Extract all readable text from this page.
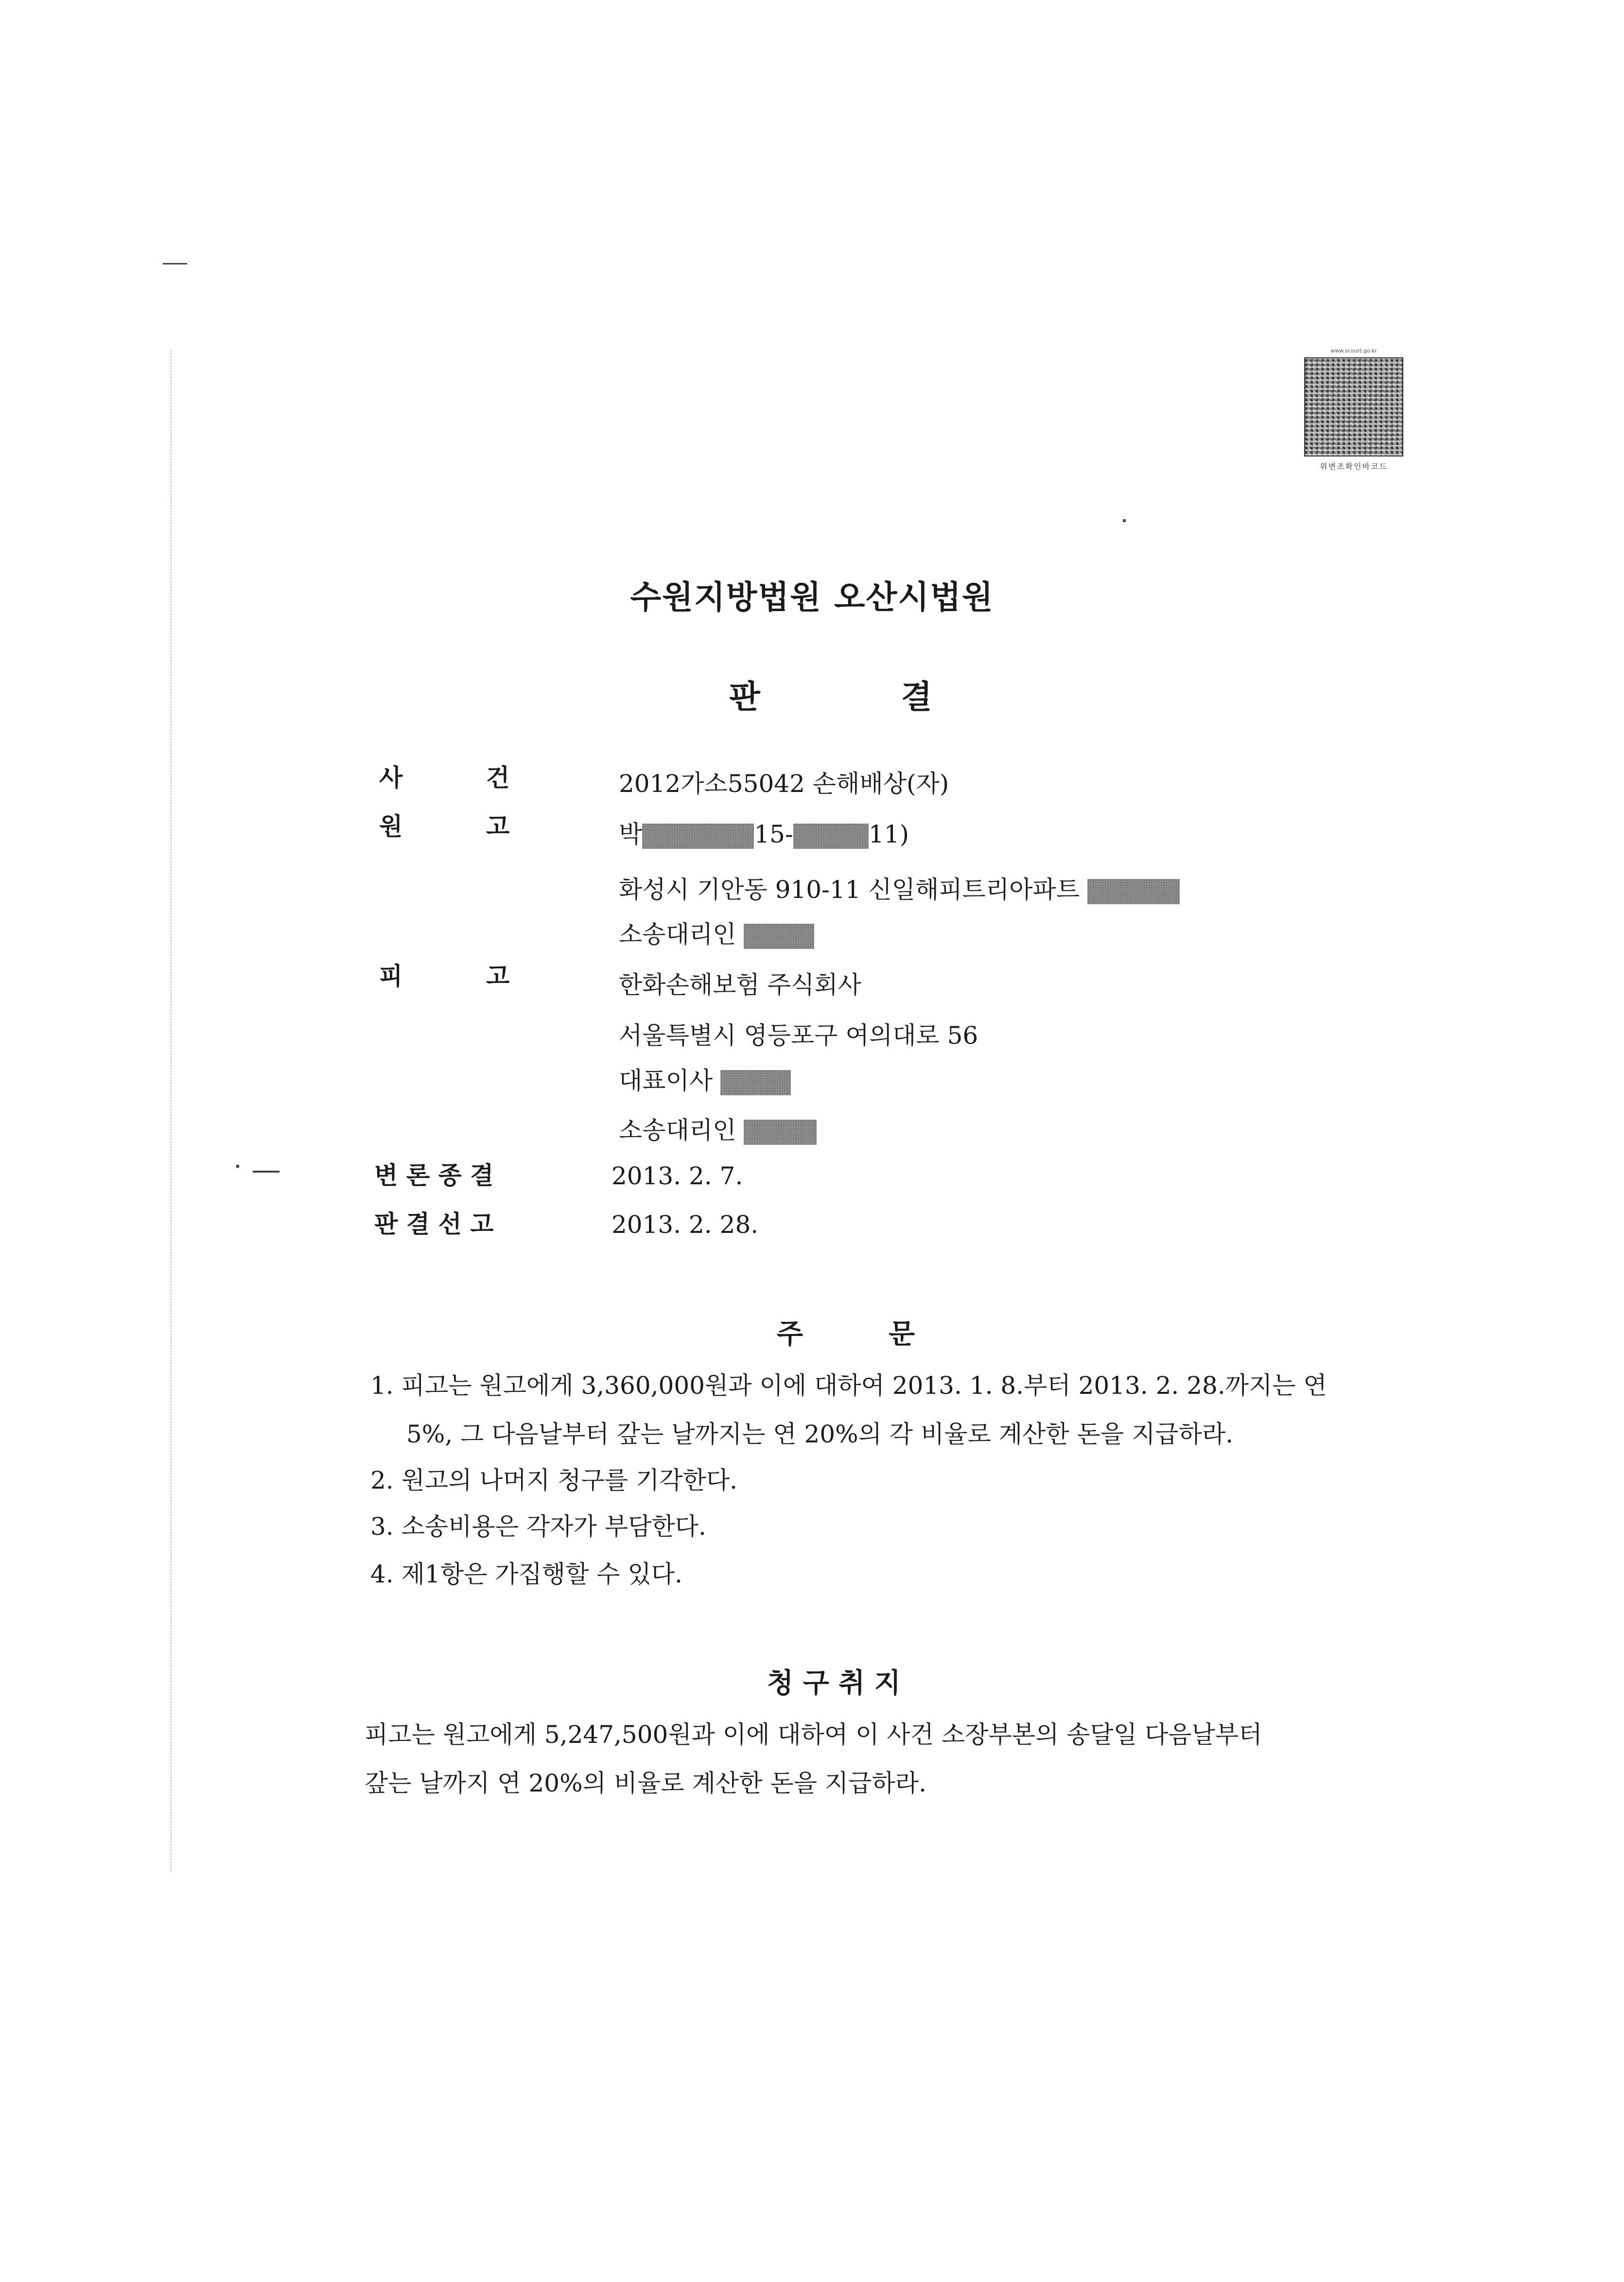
www.scourt.go.kr
위변조확인바코드
수원지방법원 오산시법원
판	결
사	건	2012가소55042 손해배상(자)
원	고	박	15-	11)
화성시 기안동 910-11 신일해피트리아파트
소송대리인
피	고	한화손해보험 주식회사
서울특별시 영등포구 여의대로 56
대표이사
소송대리인
변 론 종 결	2013. 2. 7.
판 결 선 고	2013. 2. 28.
주	문
1. 피고는 원고에게 3,360,000원과 이에 대하여 2013. 1. 8.부터 2013. 2. 28.까지는 연
5%, 그 다음날부터 갚는 날까지는 연 20%의 각 비율로 계산한 돈을 지급하라.
2. 원고의 나머지 청구를 기각한다.
3. 소송비용은 각자가 부담한다.
4. 제1항은 가집행할 수 있다.
청 구 취 지
피고는 원고에게 5,247,500원과 이에 대하여 이 사건 소장부본의 송달일 다음날부터
갚는 날까지 연 20%의 비율로 계산한 돈을 지급하라.
